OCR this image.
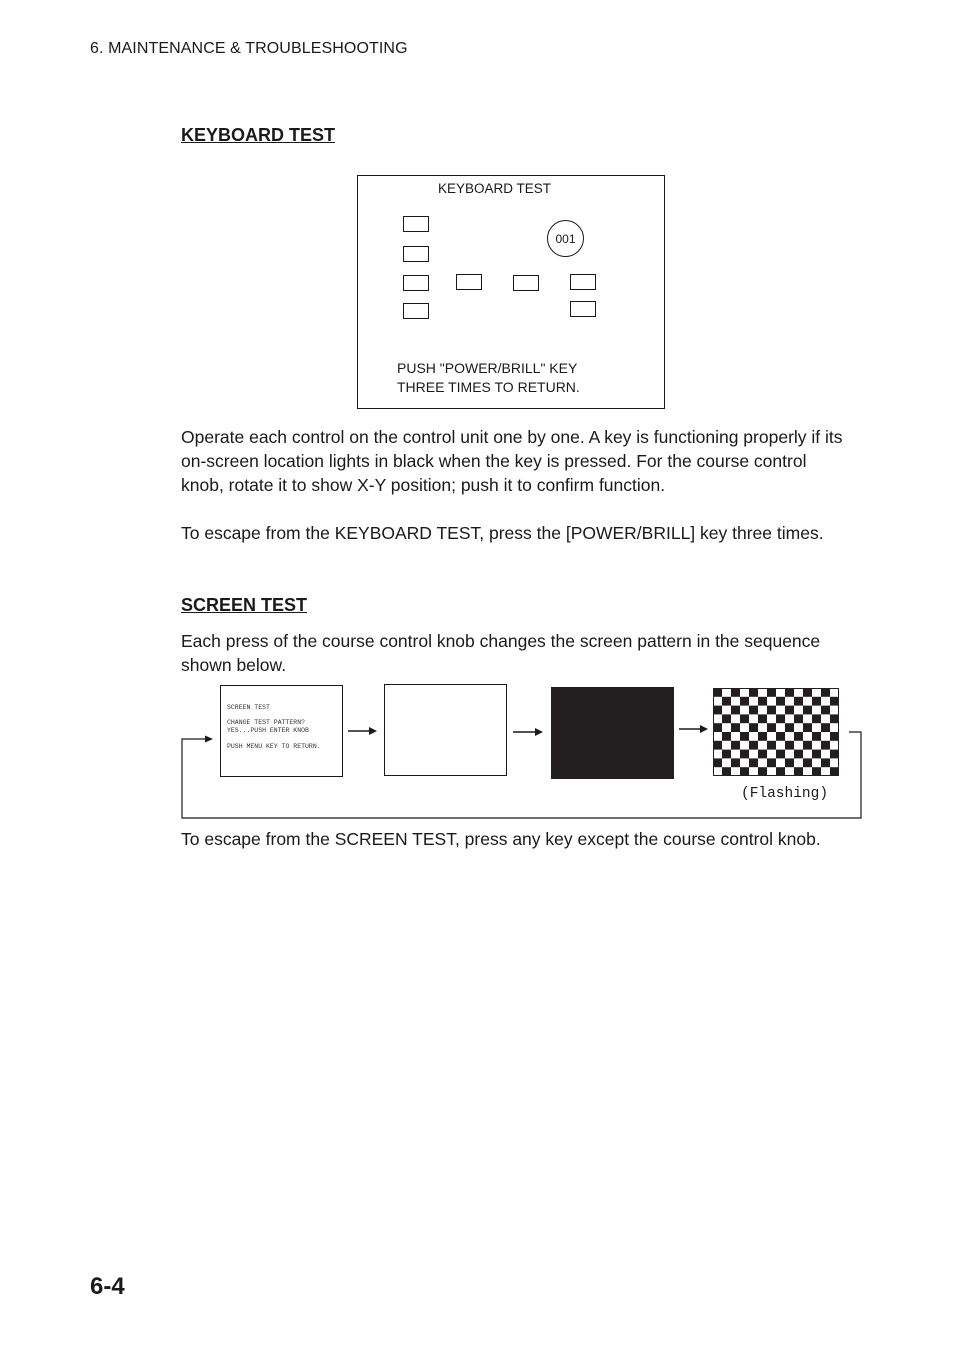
6. MAINTENANCE & TROUBLESHOOTING
KEYBOARD TEST
KEYBOARD TEST
001
PUSH "POWER/BRILL" KEY
THREE TIMES TO RETURN.

Operate each control on the control unit one by one. A key is functioning properly if its on-screen location lights in black when the key is pressed. For the course control knob, rotate it to show X-Y position; push it to confirm function.

To escape from the KEYBOARD TEST, press the [POWER/BRILL] key three times.

SCREEN TEST

Each press of the course control knob changes the screen pattern in the sequence shown below.

SCREEN TEST
CHANGE TEST PATTERN?
YES...PUSH ENTER KNOB
PUSH MENU KEY TO RETURN.
(Flashing)

To escape from the SCREEN TEST, press any key except the course control knob.

6-4
